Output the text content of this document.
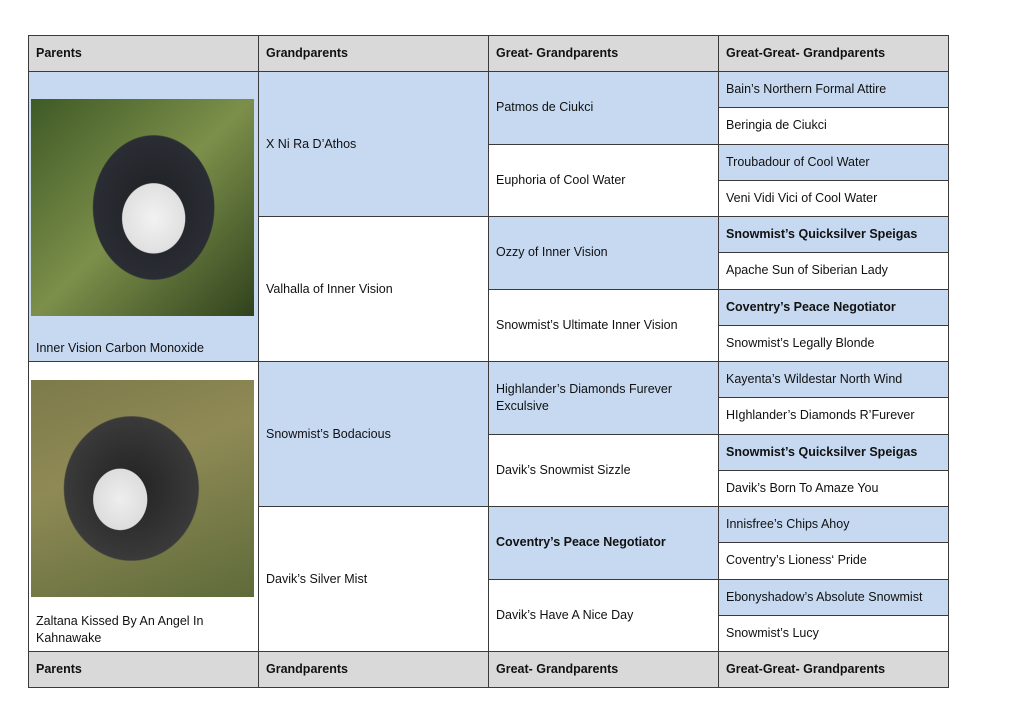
Parents
Parents
Grandparents
Grandparents
Great- Grandparents
Great- Grandparents
Great-Great- Grandparents
Great-Great- Grandparents
Inner Vision Carbon Monoxide
Zaltana Kissed By An Angel In Kahnawake
X Ni Ra D’Athos
Valhalla of Inner Vision
Snowmist’s Bodacious
Davik’s Silver Mist
Patmos de Ciukci
Euphoria of Cool Water
Ozzy of Inner Vision
Snowmist’s Ultimate Inner Vision
Highlander’s Diamonds Furever Exculsive
Davik’s Snowmist Sizzle
Coventry’s Peace Negotiator
Davik’s Have A Nice Day
Bain’s Northern Formal Attire
Beringia de Ciukci
Troubadour of Cool Water
Veni Vidi Vici of Cool Water
Snowmist’s Quicksilver Speigas
Apache Sun of Siberian Lady
Coventry’s Peace Negotiator
Snowmist’s Legally Blonde
Kayenta’s Wildestar North Wind
HIghlander’s Diamonds R’Furever
Snowmist’s Quicksilver Speigas
Davik’s Born To Amaze You
Innisfree’s Chips Ahoy
Coventry’s Lioness‘ Pride
Ebonyshadow’s Absolute Snowmist
Snowmist’s Lucy
